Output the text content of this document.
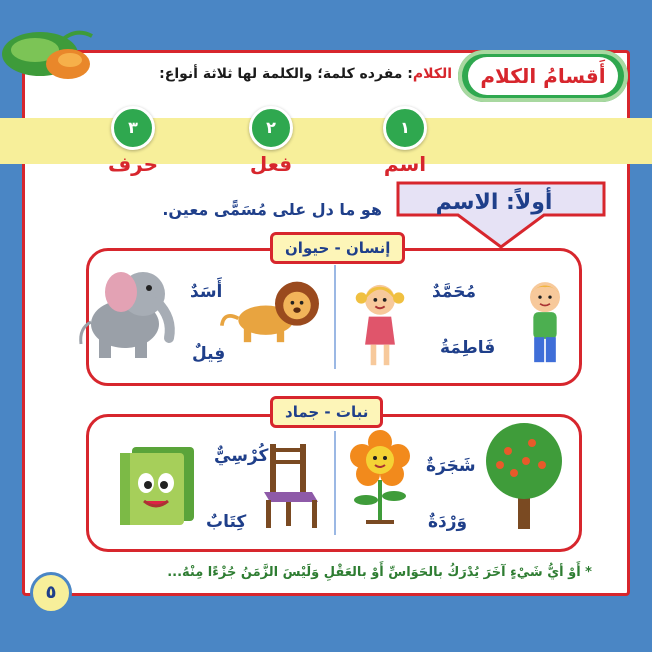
أَقسامُ الكلام
الكلام: مفرده كلمة؛ والكلمة لها ثلاثة أنواع:
١
اسم
٢
فعل
٣
حرف
أولاً: الاسم
هو ما دل على مُسَمًّى معين.
إنسان - حيوان
مُحَمَّدٌ
فَاطِمَةُ
أَسَدٌ
فِيلٌ
نبات - جماد
شَجَرَةٌ
وَرْدَةٌ
كُرْسِيٌّ
كِتَابٌ
* أَوْ أيُّ شَيْءٍ آخَرَ يُدْرَكُ بالحَوَاسِّ أَوْ بالعَقْلِ وَلَيْسَ الزَّمَنُ جُزْءًا مِنْهُ...
٥
